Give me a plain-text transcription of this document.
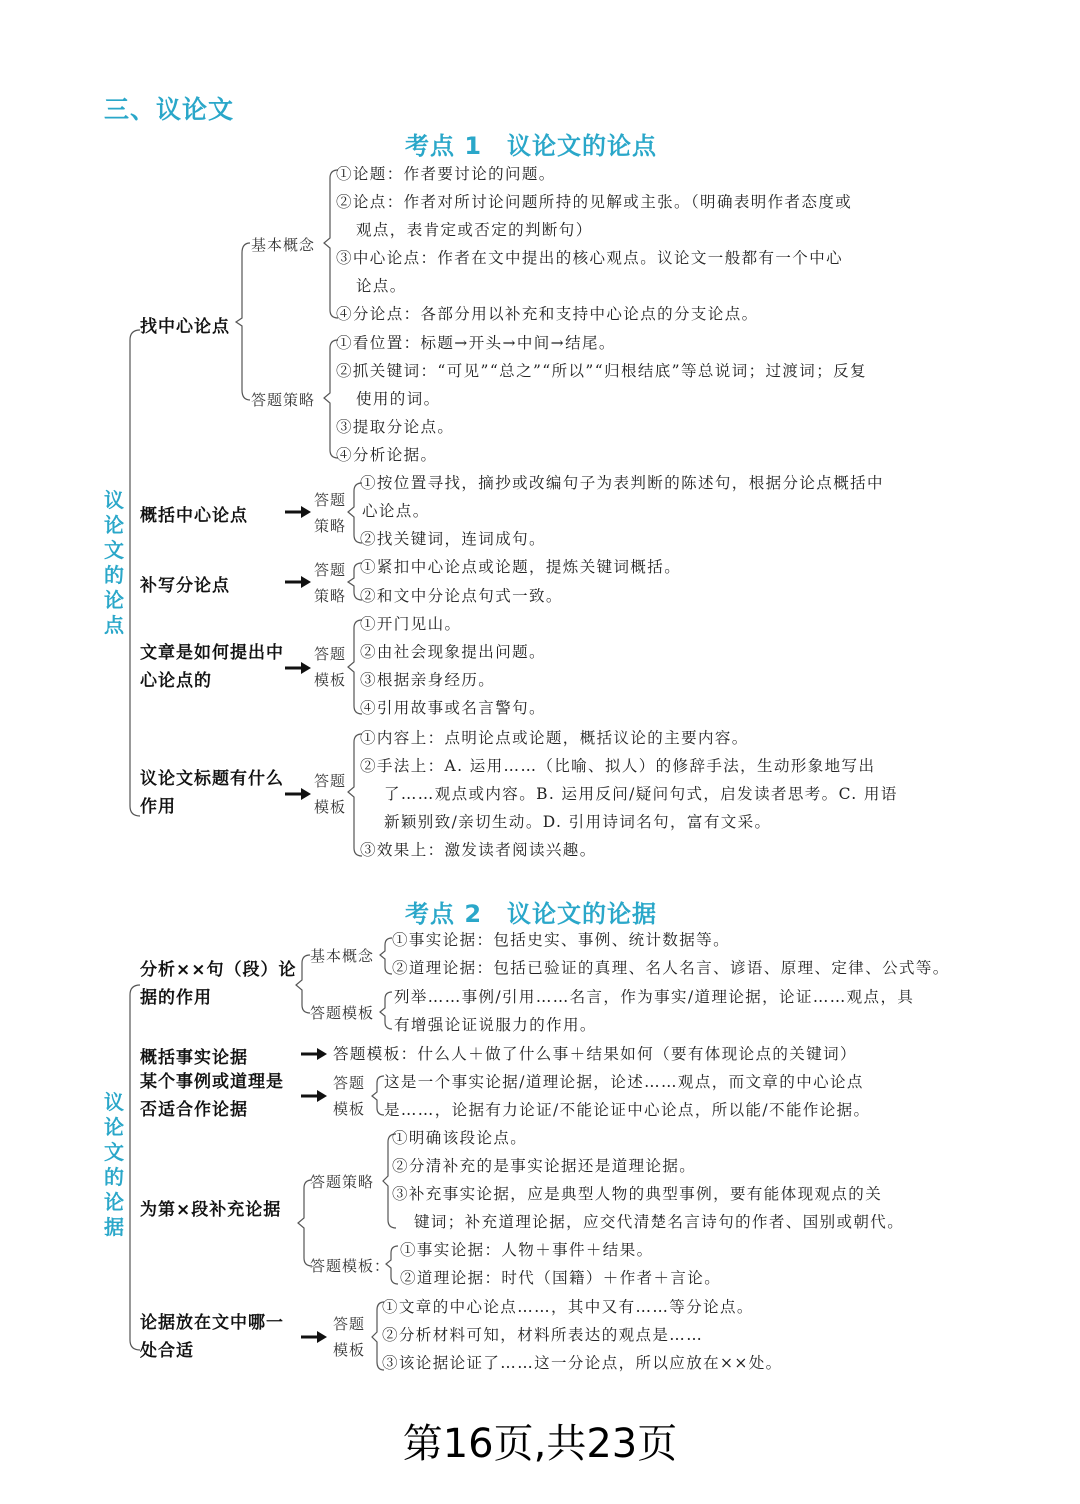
三、议论文
考点 1　议论文的论点
议论文的论点
找中心论点
基本概念
①论题：作者要讨论的问题。
②论点：作者对所讨论问题所持的见解或主张。（明确表明作者态度或
观点，表肯定或否定的判断句）
③中心论点：作者在文中提出的核心观点。议论文一般都有一个中心
论点。
④分论点：各部分用以补充和支持中心论点的分支论点。
答题策略
①看位置：标题→开头→中间→结尾。
②抓关键词：“可见”“总之”“所以”“归根结底”等总说词；过渡词；反复
使用的词。
③提取分论点。
④分析论据。
概括中心论点
答题策略
①按位置寻找，摘抄或改编句子为表判断的陈述句，根据分论点概括中
心论点。
②找关键词，连词成句。
补写分论点
答题策略
①紧扣中心论点或论题，提炼关键词概括。
②和文中分论点句式一致。
文章是如何提出中心论点的
答题模板
①开门见山。
②由社会现象提出问题。
③根据亲身经历。
④引用故事或名言警句。
议论文标题有什么作用
答题模板
①内容上：点明论点或论题，概括议论的主要内容。
②手法上：A. 运用……（比喻、拟人）的修辞手法，生动形象地写出
了……观点或内容。B. 运用反问/疑问句式，启发读者思考。C. 用语
新颖别致/亲切生动。D. 引用诗词名句，富有文采。
③效果上：激发读者阅读兴趣。
考点 2　议论文的论据
议论文的论据
分析××句（段）论据的作用
基本概念
①事实论据：包括史实、事例、统计数据等。
②道理论据：包括已验证的真理、名人名言、谚语、原理、定律、公式等。
答题模板
列举……事例/引用……名言，作为事实/道理论据，论证……观点，具
有增强论证说服力的作用。
概括事实论据	答题模板：什么人＋做了什么事＋结果如何（要有体现论点的关键词）
某个事例或道理是否适合作论据
答题模板
这是一个事实论据/道理论据，论述……观点，而文章的中心论点
是……，论据有力论证/不能论证中心论点，所以能/不能作论据。
为第×段补充论据
答题策略
①明确该段论点。
②分清补充的是事实论据还是道理论据。
③补充事实论据，应是典型人物的典型事例，要有能体现观点的关
键词；补充道理论据，应交代清楚名言诗句的作者、国别或朝代。
答题模板：
①事实论据：人物＋事件＋结果。
②道理论据：时代（国籍）＋作者＋言论。
论据放在文中哪一处合适
答题模板
①文章的中心论点……，其中又有……等分论点。
②分析材料可知，材料所表达的观点是……
③该论据论证了……这一分论点，所以应放在××处。
第16页,共23页
